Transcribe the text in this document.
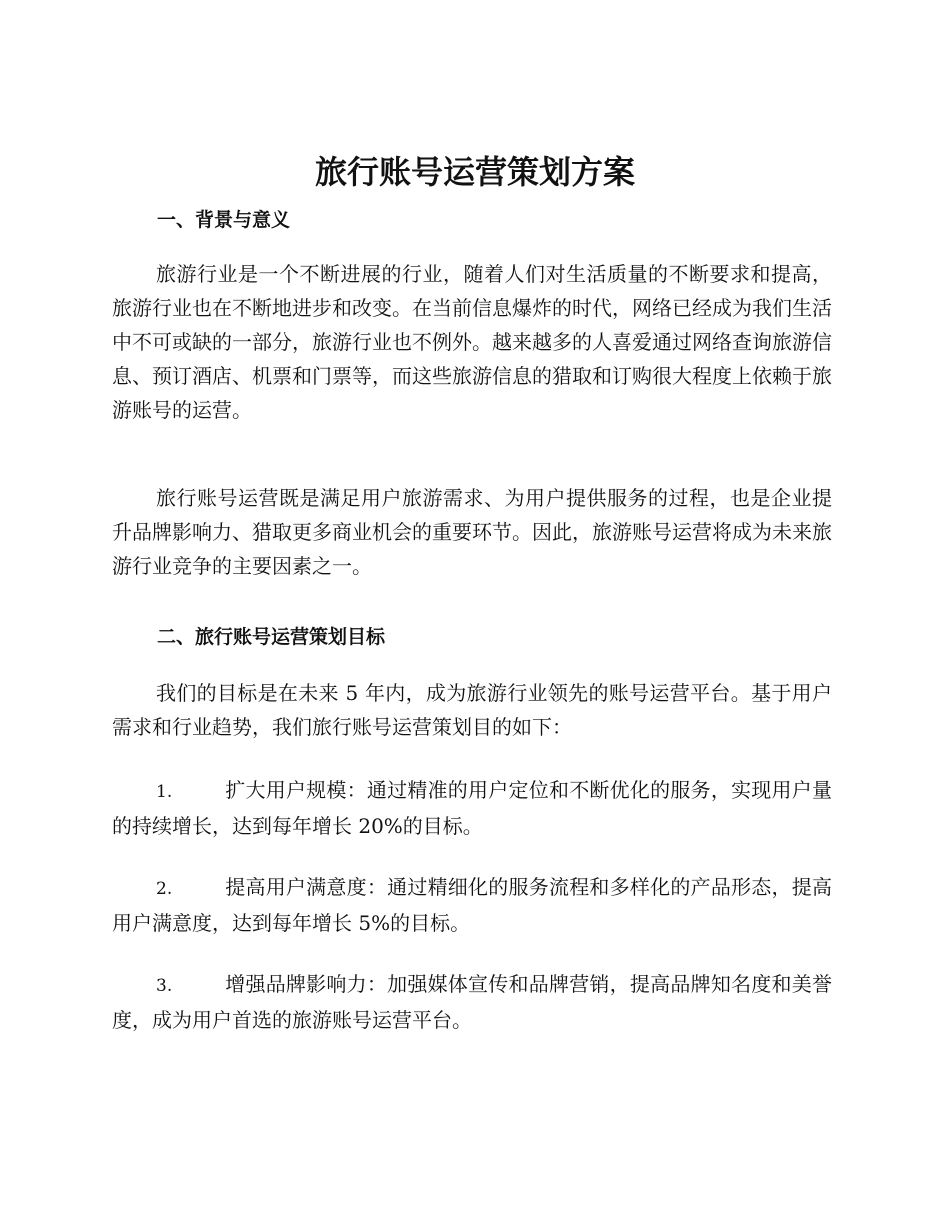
旅行账号运营策划方案
一、背景与意义

旅游行业是一个不断进展的行业，随着人们对生活质量的不断要求和提高，旅游行业也在不断地进步和改变。在当前信息爆炸的时代，网络已经成为我们生活中不可或缺的一部分，旅游行业也不例外。越来越多的人喜爱通过网络查询旅游信息、预订酒店、机票和门票等，而这些旅游信息的猎取和订购很大程度上依赖于旅游账号的运营。

旅行账号运营既是满足用户旅游需求、为用户提供服务的过程，也是企业提升品牌影响力、猎取更多商业机会的重要环节。因此，旅游账号运营将成为未来旅游行业竞争的主要因素之一。

二、旅行账号运营策划目标

我们的目标是在未来 5 年内，成为旅游行业领先的账号运营平台。基于用户需求和行业趋势，我们旅行账号运营策划目的如下：

1.	扩大用户规模：通过精准的用户定位和不断优化的服务，实现用户量的持续增长，达到每年增长 20%的目标。

2.	提高用户满意度：通过精细化的服务流程和多样化的产品形态，提高用户满意度，达到每年增长 5%的目标。

3.	增强品牌影响力：加强媒体宣传和品牌营销，提高品牌知名度和美誉度，成为用户首选的旅游账号运营平台。
